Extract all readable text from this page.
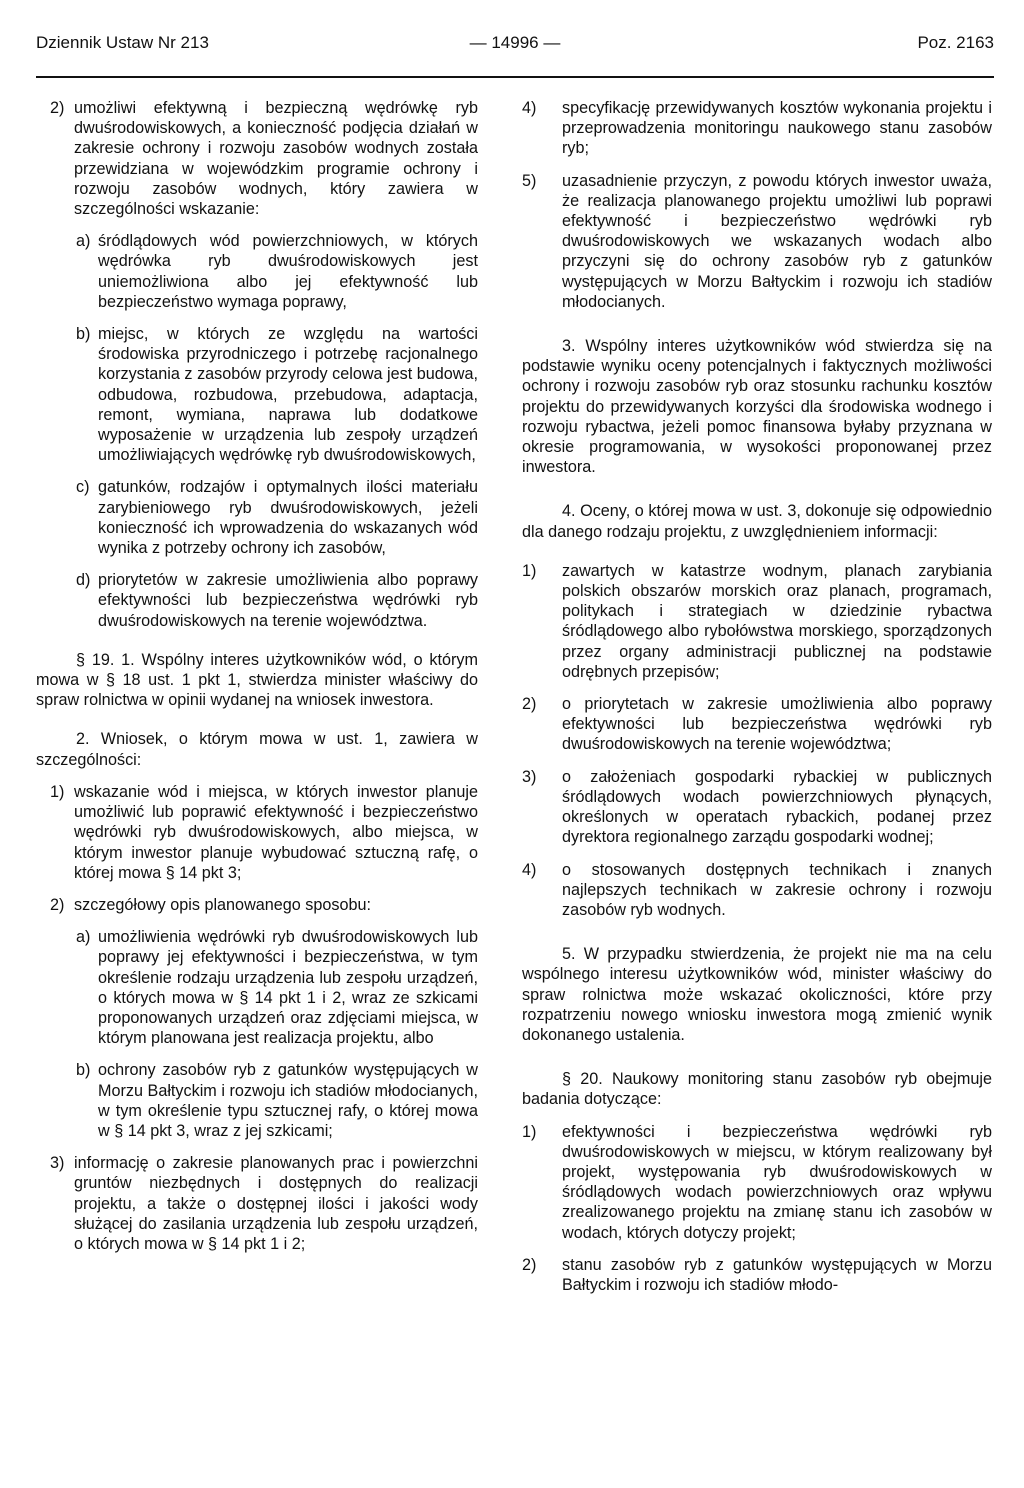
Dziennik Ustaw Nr 213	— 14996 —	Poz. 2163
2) umożliwi efektywną i bezpieczną wędrówkę ryb dwuśrodowiskowych, a konieczność podjęcia działań w zakresie ochrony i rozwoju zasobów wodnych została przewidziana w wojewódzkim programie ochrony i rozwoju zasobów wodnych, który zawiera w szczególności wskazanie:
a) śródlądowych wód powierzchniowych, w których wędrówka ryb dwuśrodowiskowych jest uniemożliwiona albo jej efektywność lub bezpieczeństwo wymaga poprawy,
b) miejsc, w których ze względu na wartości środowiska przyrodniczego i potrzebę racjonalnego korzystania z zasobów przyrody celowa jest budowa, odbudowa, rozbudowa, przebudowa, adaptacja, remont, wymiana, naprawa lub dodatkowe wyposażenie w urządzenia lub zespoły urządzeń umożliwiających wędrówkę ryb dwuśrodowiskowych,
c) gatunków, rodzajów i optymalnych ilości materiału zarybieniowego ryb dwuśrodowiskowych, jeżeli konieczność ich wprowadzenia do wskazanych wód wynika z potrzeby ochrony ich zasobów,
d) priorytetów w zakresie umożliwienia albo poprawy efektywności lub bezpieczeństwa wędrówki ryb dwuśrodowiskowych na terenie województwa.

§ 19. 1. Wspólny interes użytkowników wód, o którym mowa w § 18 ust. 1 pkt 1, stwierdza minister właściwy do spraw rolnictwa w opinii wydanej na wniosek inwestora.

2. Wniosek, o którym mowa w ust. 1, zawiera w szczególności:

1) wskazanie wód i miejsca, w których inwestor planuje umożliwić lub poprawić efektywność i bezpieczeństwo wędrówki ryb dwuśrodowiskowych, albo miejsca, w którym inwestor planuje wybudować sztuczną rafę, o której mowa § 14 pkt 3;
2) szczegółowy opis planowanego sposobu:
a) umożliwienia wędrówki ryb dwuśrodowiskowych lub poprawy jej efektywności i bezpieczeństwa, w tym określenie rodzaju urządzenia lub zespołu urządzeń, o których mowa w § 14 pkt 1 i 2, wraz ze szkicami proponowanych urządzeń oraz zdjęciami miejsca, w którym planowana jest realizacja projektu, albo
b) ochrony zasobów ryb z gatunków występujących w Morzu Bałtyckim i rozwoju ich stadiów młodocianych, w tym określenie typu sztucznej rafy, o której mowa w § 14 pkt 3, wraz z jej szkicami;
3) informację o zakresie planowanych prac i powierzchni gruntów niezbędnych i dostępnych do realizacji projektu, a także o dostępnej ilości i jakości wody służącej do zasilania urządzenia lub zespołu urządzeń, o których mowa w § 14 pkt 1 i 2;
4)	specyfikację przewidywanych kosztów wykonania projektu i przeprowadzenia monitoringu naukowego stanu zasobów ryb;
5)	uzasadnienie przyczyn, z powodu których inwestor uważa, że realizacja planowanego projektu umożliwi lub poprawi efektywność i bezpieczeństwo wędrówki ryb dwuśrodowiskowych we wskazanych wodach albo przyczyni się do ochrony zasobów ryb z gatunków występujących w Morzu Bałtyckim i rozwoju ich stadiów młodocianych.

3. Wspólny interes użytkowników wód stwierdza się na podstawie wyniku oceny potencjalnych i faktycznych możliwości ochrony i rozwoju zasobów ryb oraz stosunku rachunku kosztów projektu do przewidywanych korzyści dla środowiska wodnego i rozwoju rybactwa, jeżeli pomoc finansowa byłaby przyznana w okresie programowania, w wysokości proponowanej przez inwestora.

4. Oceny, o której mowa w ust. 3, dokonuje się odpowiednio dla danego rodzaju projektu, z uwzględnieniem informacji:

1)	zawartych w katastrze wodnym, planach zarybiania polskich obszarów morskich oraz planach, programach, politykach i strategiach w dziedzinie rybactwa śródlądowego albo rybołówstwa morskiego, sporządzonych przez organy administracji publicznej na podstawie odrębnych przepisów;
2)	o priorytetach w zakresie umożliwienia albo poprawy efektywności lub bezpieczeństwa wędrówki ryb dwuśrodowiskowych na terenie województwa;
3)	o założeniach gospodarki rybackiej w publicznych śródlądowych wodach powierzchniowych płynących, określonych w operatach rybackich, podanej przez dyrektora regionalnego zarządu gospodarki wodnej;
4)	o stosowanych dostępnych technikach i znanych najlepszych technikach w zakresie ochrony i rozwoju zasobów ryb wodnych.

5. W przypadku stwierdzenia, że projekt nie ma na celu wspólnego interesu użytkowników wód, minister właściwy do spraw rolnictwa może wskazać okoliczności, które przy rozpatrzeniu nowego wniosku inwestora mogą zmienić wynik dokonanego ustalenia.

§ 20. Naukowy monitoring stanu zasobów ryb obejmuje badania dotyczące:

1)	efektywności i bezpieczeństwa wędrówki ryb dwuśrodowiskowych w miejscu, w którym realizowany był projekt, występowania ryb dwuśrodowiskowych w śródlądowych wodach powierzchniowych oraz wpływu zrealizowanego projektu na zmianę stanu ich zasobów w wodach, których dotyczy projekt;
2)	stanu zasobów ryb z gatunków występujących w Morzu Bałtyckim i rozwoju ich stadiów młodo-
